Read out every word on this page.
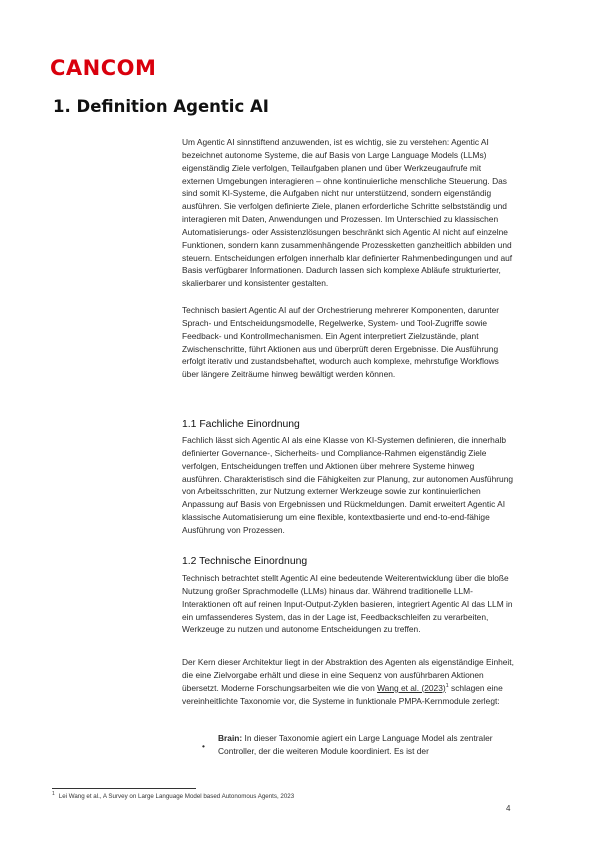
CANCOM
1. Definition Agentic AI

Um Agentic AI sinnstiftend anzuwenden, ist es wichtig, sie zu verstehen: Agentic AI bezeichnet autonome Systeme, die auf Basis von Large Language Models (LLMs) eigenständig Ziele verfolgen, Teilaufgaben planen und über Werkzeugaufrufe mit externen Umgebungen interagieren – ohne kontinuierliche menschliche Steuerung. Das sind somit KI-Systeme, die Aufgaben nicht nur unterstützend, sondern eigenständig ausführen. Sie verfolgen definierte Ziele, planen erforderliche Schritte selbstständig und interagieren mit Daten, Anwendungen und Prozessen. Im Unterschied zu klassischen Automatisierungs- oder Assistenzlösungen beschränkt sich Agentic AI nicht auf einzelne Funktionen, sondern kann zusammenhängende Prozessketten ganzheitlich abbilden und steuern. Entscheidungen erfolgen innerhalb klar definierter Rahmenbedingungen und auf Basis verfügbarer Informationen. Dadurch lassen sich komplexe Abläufe strukturierter, skalierbarer und konsistenter gestalten.

Technisch basiert Agentic AI auf der Orchestrierung mehrerer Komponenten, darunter Sprach- und Entscheidungsmodelle, Regelwerke, System- und Tool-Zugriffe sowie Feedback- und Kontrollmechanismen. Ein Agent interpretiert Zielzustände, plant Zwischenschritte, führt Aktionen aus und überprüft deren Ergebnisse. Die Ausführung erfolgt iterativ und zustandsbehaftet, wodurch auch komplexe, mehrstufige Workflows über längere Zeiträume hinweg bewältigt werden können.

1.1 Fachliche Einordnung

Fachlich lässt sich Agentic AI als eine Klasse von KI-Systemen definieren, die innerhalb definierter Governance-, Sicherheits- und Compliance-Rahmen eigenständig Ziele verfolgen, Entscheidungen treffen und Aktionen über mehrere Systeme hinweg ausführen. Charakteristisch sind die Fähigkeiten zur Planung, zur autonomen Ausführung von Arbeitsschritten, zur Nutzung externer Werkzeuge sowie zur kontinuierlichen Anpassung auf Basis von Ergebnissen und Rückmeldungen. Damit erweitert Agentic AI klassische Automatisierung um eine flexible, kontextbasierte und end-to-end-fähige Ausführung von Prozessen.

1.2 Technische Einordnung

Technisch betrachtet stellt Agentic AI eine bedeutende Weiterentwicklung über die bloße Nutzung großer Sprachmodelle (LLMs) hinaus dar. Während traditionelle LLM-Interaktionen oft auf reinen Input-Output-Zyklen basieren, integriert Agentic AI das LLM in ein umfassenderes System, das in der Lage ist, Feedbackschleifen zu verarbeiten, Werkzeuge zu nutzen und autonome Entscheidungen zu treffen.

Der Kern dieser Architektur liegt in der Abstraktion des Agenten als eigenständige Einheit, die eine Zielvorgabe erhält und diese in eine Sequenz von ausführbaren Aktionen übersetzt. Moderne Forschungsarbeiten wie die von Wang et al. $(2023)^1$ schlagen eine vereinheitlichte Taxonomie vor, die Systeme in funktionale PMPA-Kernmodule zerlegt:

•

Brain: In dieser Taxonomie agiert ein Large Language Model als zentraler Controller, der die weiteren Module koordiniert. Es ist der

$^1$ Lei Wang et al., A Survey on Large Language Model based Autonomous Agents, 2023
4
